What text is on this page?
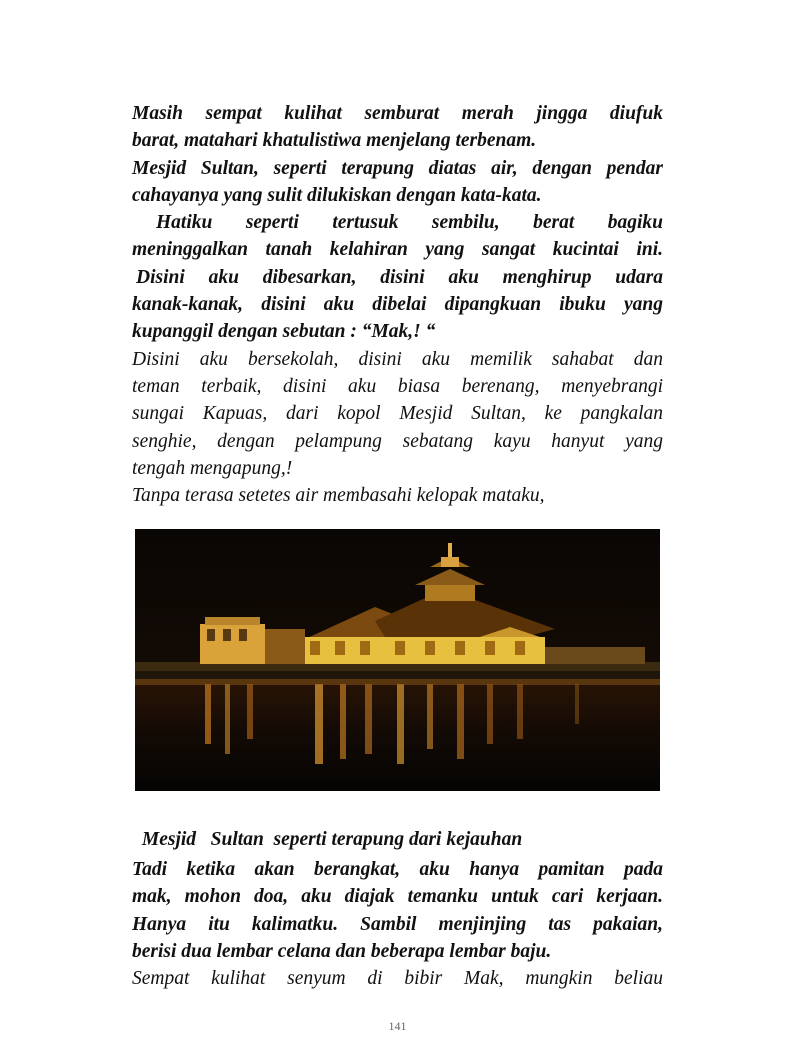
Masih sempat kulihat semburat merah jingga diufuk

barat, matahari khatulistiwa menjelang terbenam.

Mesjid Sultan, seperti terapung diatas air, dengan pendar

cahayanya yang sulit dilukiskan dengan kata-kata.

Hatiku seperti tertusuk sembilu, berat bagiku

meninggalkan tanah kelahiran yang sangat kucintai ini.

Disini aku dibesarkan, disini aku menghirup udara

kanak-kanak, disini aku dibelai dipangkuan ibuku yang

kupanggil dengan sebutan : “Mak,! “

Disini aku bersekolah, disini aku memilik sahabat dan

teman terbaik, disini aku biasa berenang, menyebrangi

sungai Kapuas, dari kopol Mesjid Sultan, ke pangkalan

senghie, dengan pelampung sebatang kayu hanyut yang

tengah mengapung,!

Tanpa terasa setetes air membasahi kelopak mataku,

Mesjid   Sultan  seperti terapung dari kejauhan

Tadi ketika akan berangkat, aku hanya pamitan pada

mak, mohon doa, aku diajak temanku untuk cari kerjaan.

Hanya itu kalimatku. Sambil menjinjing tas pakaian,

berisi dua lembar celana dan beberapa lembar baju.

Sempat kulihat senyum di bibir Mak, mungkin beliau

141
